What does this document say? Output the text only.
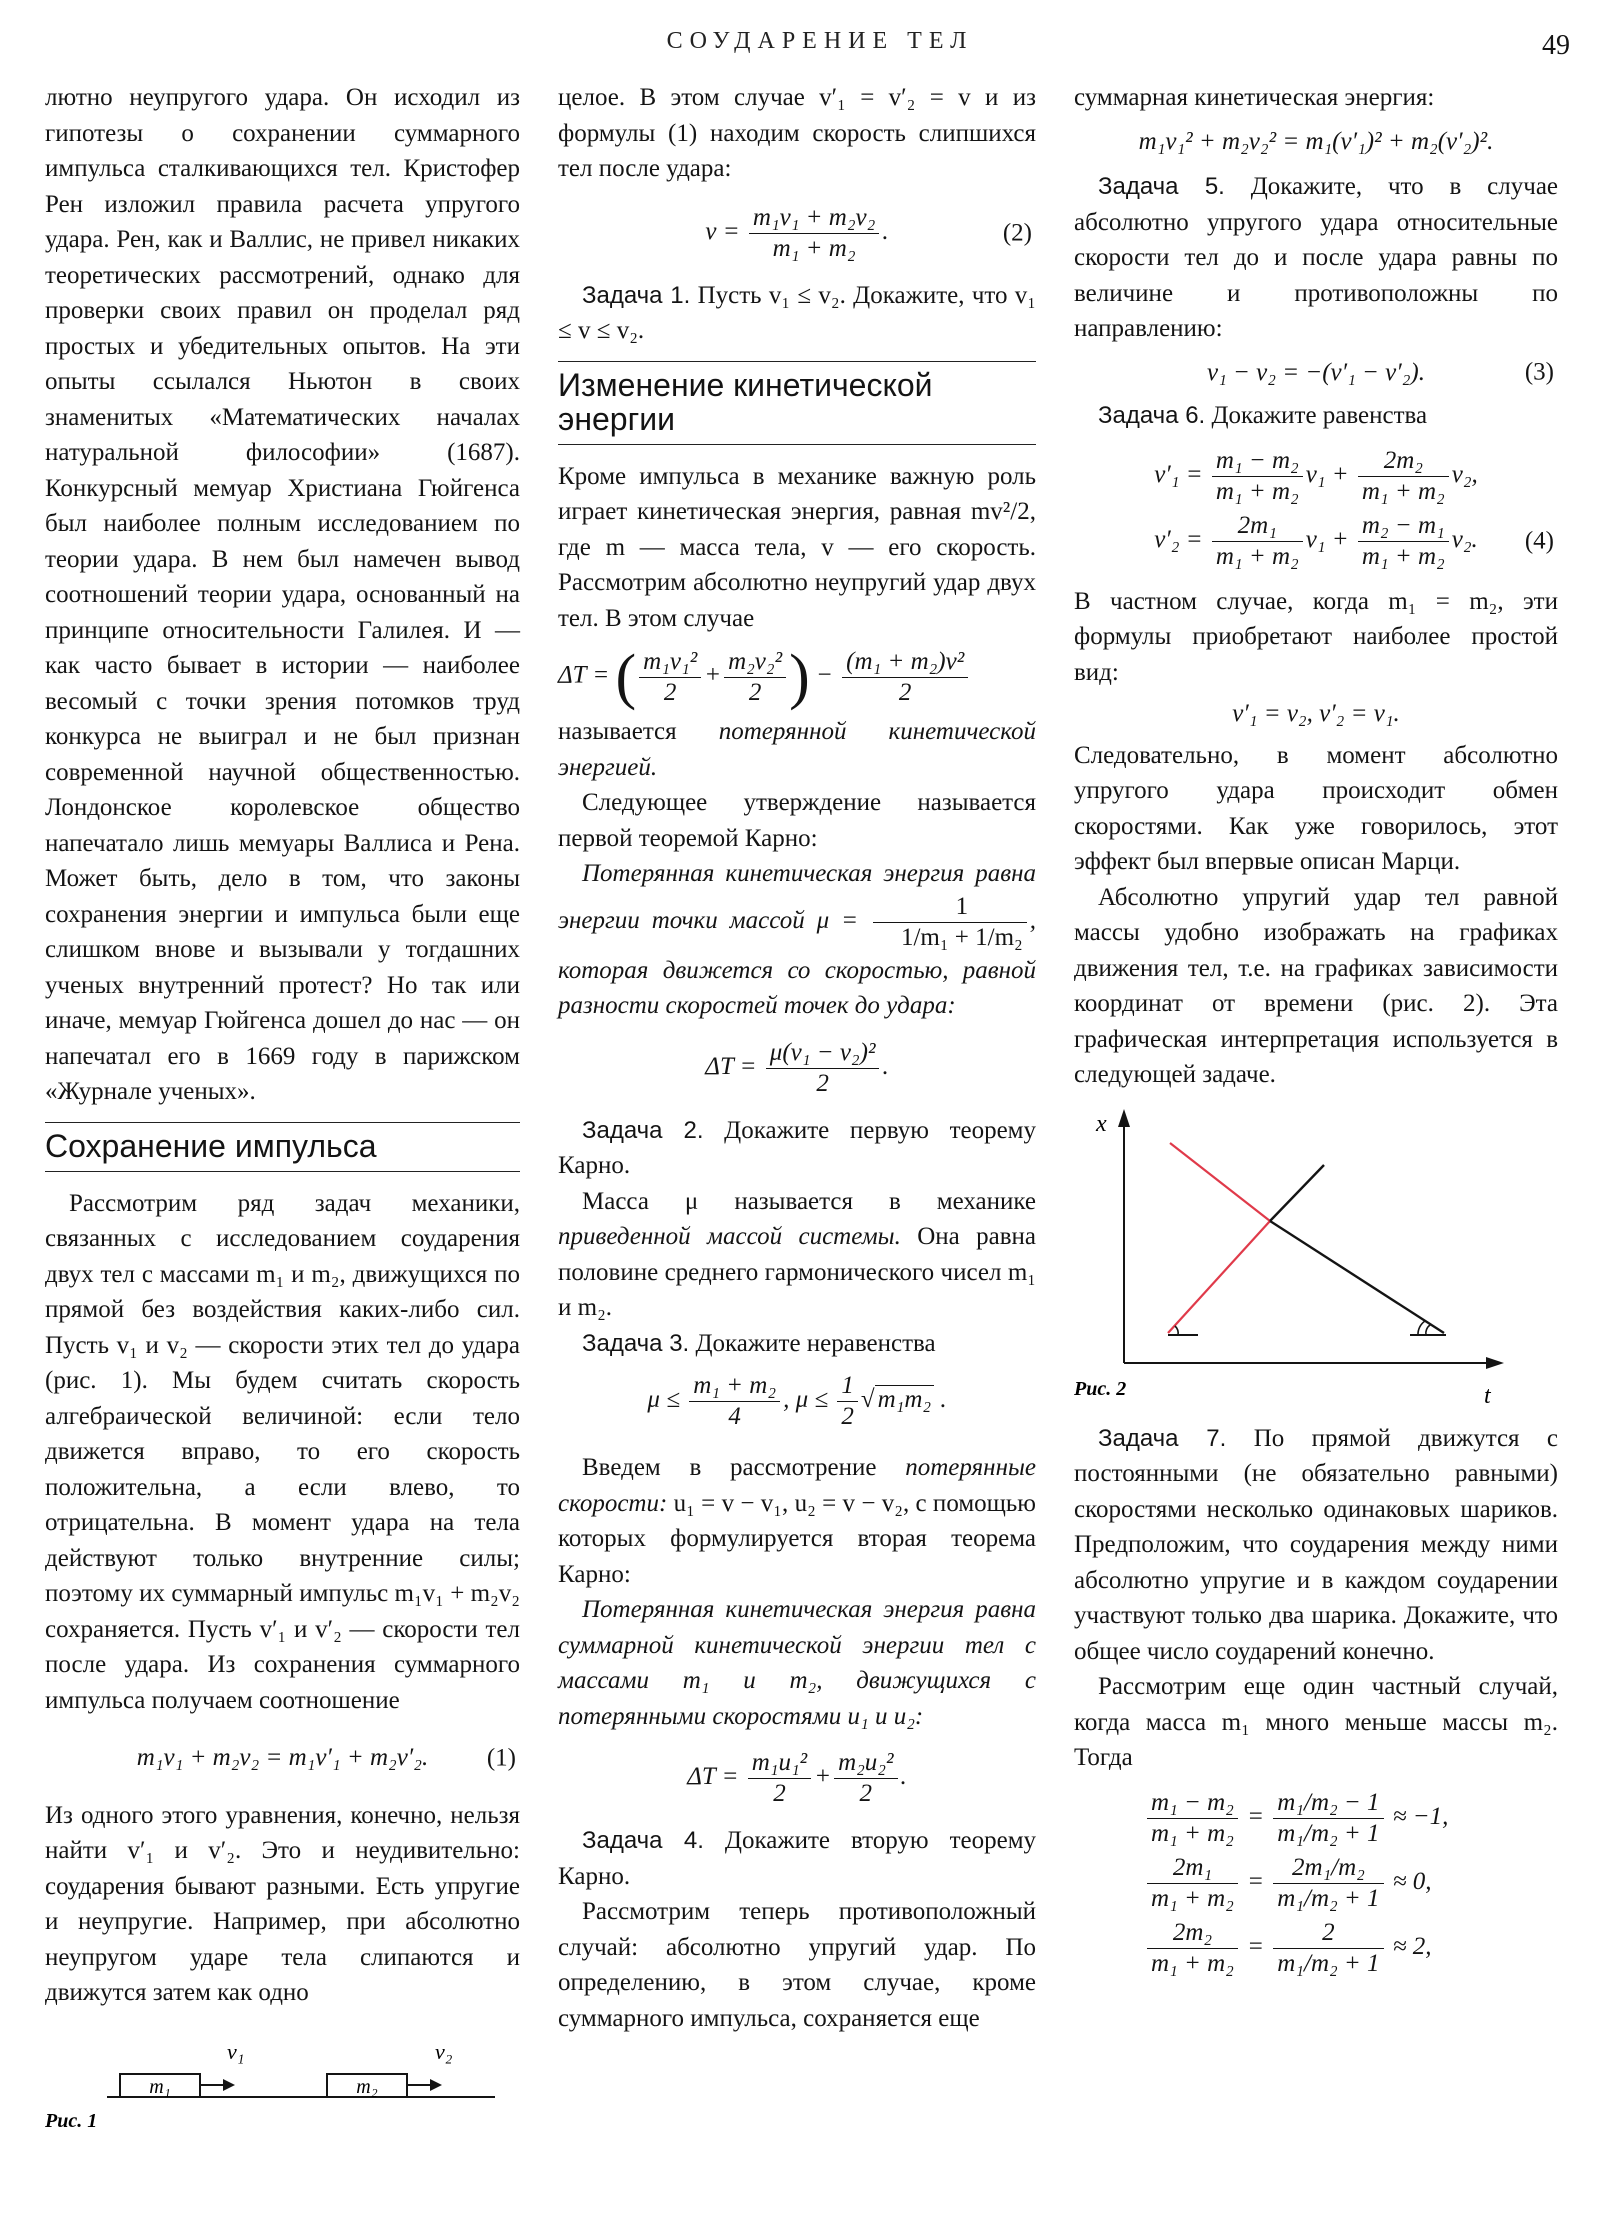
СОУДАРЕНИЕ ТЕЛ	49

лютно неупругого удара. Он исходил из гипотезы о сохранении суммарного импульса сталкивающихся тел. Кристофер Рен изложил правила расчета упругого удара. Рен, как и Валлис, не привел никаких теоретических рассмотрений, однако для проверки своих правил он проделал ряд простых и убедительных опытов. На эти опыты ссылался Ньютон в своих знаменитых «Математических началах натуральной философии» (1687). Конкурсный мемуар Христиана Гюйгенса был наиболее полным исследованием по теории удара. В нем был намечен вывод соотношений теории удара, основанный на принципе относительности Галилея. И — как часто бывает в истории — наиболее весомый с точки зрения потомков труд конкурса не выиграл и не был признан современной научной общественностью. Лондонское королевское общество напечатало лишь мемуары Валлиса и Рена. Может быть, дело в том, что законы сохранения энергии и импульса были еще слишком внове и вызывали у тогдашних ученых внутренний протест? Но так или иначе, мемуар Гюйгенса дошел до нас — он напечатал его в 1669 году в парижском «Журнале ученых».

Сохранение импульса

Рассмотрим ряд задач механики, связанных с исследованием соударения двух тел с массами m₁ и m₂, движущихся по прямой без воздействия каких-либо сил. Пусть v₁ и v₂ — скорости этих тел до удара (рис. 1). Мы будем считать скорость алгебраической величиной: если тело движется вправо, то его скорость положительна, а если влево, то отрицательна. В момент удара на тела действуют только внутренние силы; поэтому их суммарный импульс m₁v₁ + m₂v₂ сохраняется. Пусть v′₁ и v′₂ — скорости тел после удара. Из сохранения суммарного импульса получаем соотношение

m₁v₁ + m₂v₂ = m₁v′₁ + m₂v′₂. (1)

Из одного этого уравнения, конечно, нельзя найти v′₁ и v′₂. Это и неудивительно: соударения бывают разными. Есть упругие и неупругие. Например, при абсолютно неупругом ударе тела слипаются и движутся затем как одно

m₁
v₁
m₂
v₂
Рис. 1

целое. В этом случае v′₁ = v′₂ = v и из формулы (1) находим скорость слипшихся тел после удара:

$v = \frac{\text{m₁v₁ + m₂v₂}}{\text{m₁ + m₂}}$ .	(2)

Задача 1. Пусть v₁ ≤ v₂. Докажите, что v₁ ≤ v ≤ v₂.

Изменение кинетической энергии

Кроме импульса в механике важную роль играет кинетическая энергия, равная mv²/2, где m — масса тела, v — его скорость. Рассмотрим абсолютно неупругий удар двух тел. В этом случае

ΔT = ( $\frac{\text{m₁v₁²}}{2} + \frac{\text{m₂v₂²}}{2}$ ) − $\frac{\text{(m₁ + m₂)v²}}{2}$

называется потерянной кинетической энергией.

Следующее утверждение называется первой теоремой Карно:

Потерянная кинетическая энергия равна энергии точки массой $\mu = \frac{1}{\text{1/m₁ + 1/m₂}}$ , которая движется со скоростью, равной разности скоростей точек до удара:

$\Delta T = \frac{\text{μ(v₁ − v₂)²}}{2}$ .

Задача 2. Докажите первую теорему Карно.

Масса μ называется в механике приведенной массой системы. Она равна половине среднего гармонического чисел m₁ и m₂.

Задача 3. Докажите неравенства

$\mu \le \frac{\text{m₁ + m₂}}{4}$ , $\mu \le \frac{1}{2}$ √ m₁m₂ .

Введем в рассмотрение потерянные скорости: u₁ = v − v₁, u₂ = v − v₂, с помощью которых формулируется вторая теорема Карно:

Потерянная кинетическая энергия равна суммарной кинетической энергии тел с массами m₁ и m₂, движущихся с потерянными скоростями u₁ и u₂:

$\Delta T = \frac{\text{m₁u₁²}}{2} + \frac{\text{m₂u₂²}}{2}$ .

Задача 4. Докажите вторую теорему Карно.

Рассмотрим теперь противоположный случай: абсолютно упругий удар. По определению, в этом случае, кроме суммарного импульса, сохраняется еще

суммарная кинетическая энергия:

m₁v₁² + m₂v₂² = m₁(v′₁)² + m₂(v′₂)².

Задача 5. Докажите, что в случае абсолютно упругого удара относительные скорости тел до и после удара равны по величине и противоположны по направлению:

v₁ − v₂ = −(v′₁ − v′₂).	(3)

Задача 6. Докажите равенства

$v'_1 = \frac{\text{m₁ − m₂}}{\text{m₁ + m₂}} v_1 + \frac{\text{2m₂}}{\text{m₁ + m₂}} v_2$,
$v'_2 = \frac{\text{2m₁}}{\text{m₁ + m₂}} v_1 + \frac{\text{m₂ − m₁}}{\text{m₁ + m₂}} v_2$. (4)

В частном случае, когда m₁ = m₂, эти формулы приобретают наиболее простой вид:

v′₁ = v₂, v′₂ = v₁.

Следовательно, в момент абсолютно упругого удара происходит обмен скоростями. Как уже говорилось, этот эффект был впервые описан Марци.

Абсолютно упругий удар тел равной массы удобно изображать на графиках движения тел, т.е. на графиках зависимости координат от времени (рис. 2). Эта графическая интерпретация используется в следующей задаче.

x
t
Рис. 2

Задача 7. По прямой движутся с постоянными (не обязательно равными) скоростями несколько одинаковых шариков. Предположим, что соударения между ними абсолютно упругие и в каждом соударении участвуют только два шарика. Докажите, что общее число соударений конечно.

Рассмотрим еще один частный случай, когда масса m₁ много меньше массы m₂. Тогда

$\frac{\text{m₁ − m₂}}{\text{m₁ + m₂}} = \frac{\text{m₁/m₂ − 1}}{\text{m₁/m₂ + 1}} \approx -1$,
$\frac{\text{2m₁}}{\text{m₁ + m₂}} = \frac{\text{2m₁/m₂}}{\text{m₁/m₂ + 1}} \approx 0$,
$\frac{\text{2m₂}}{\text{m₁ + m₂}} = \frac{2}{\text{m₁/m₂ + 1}} \approx 2$,
